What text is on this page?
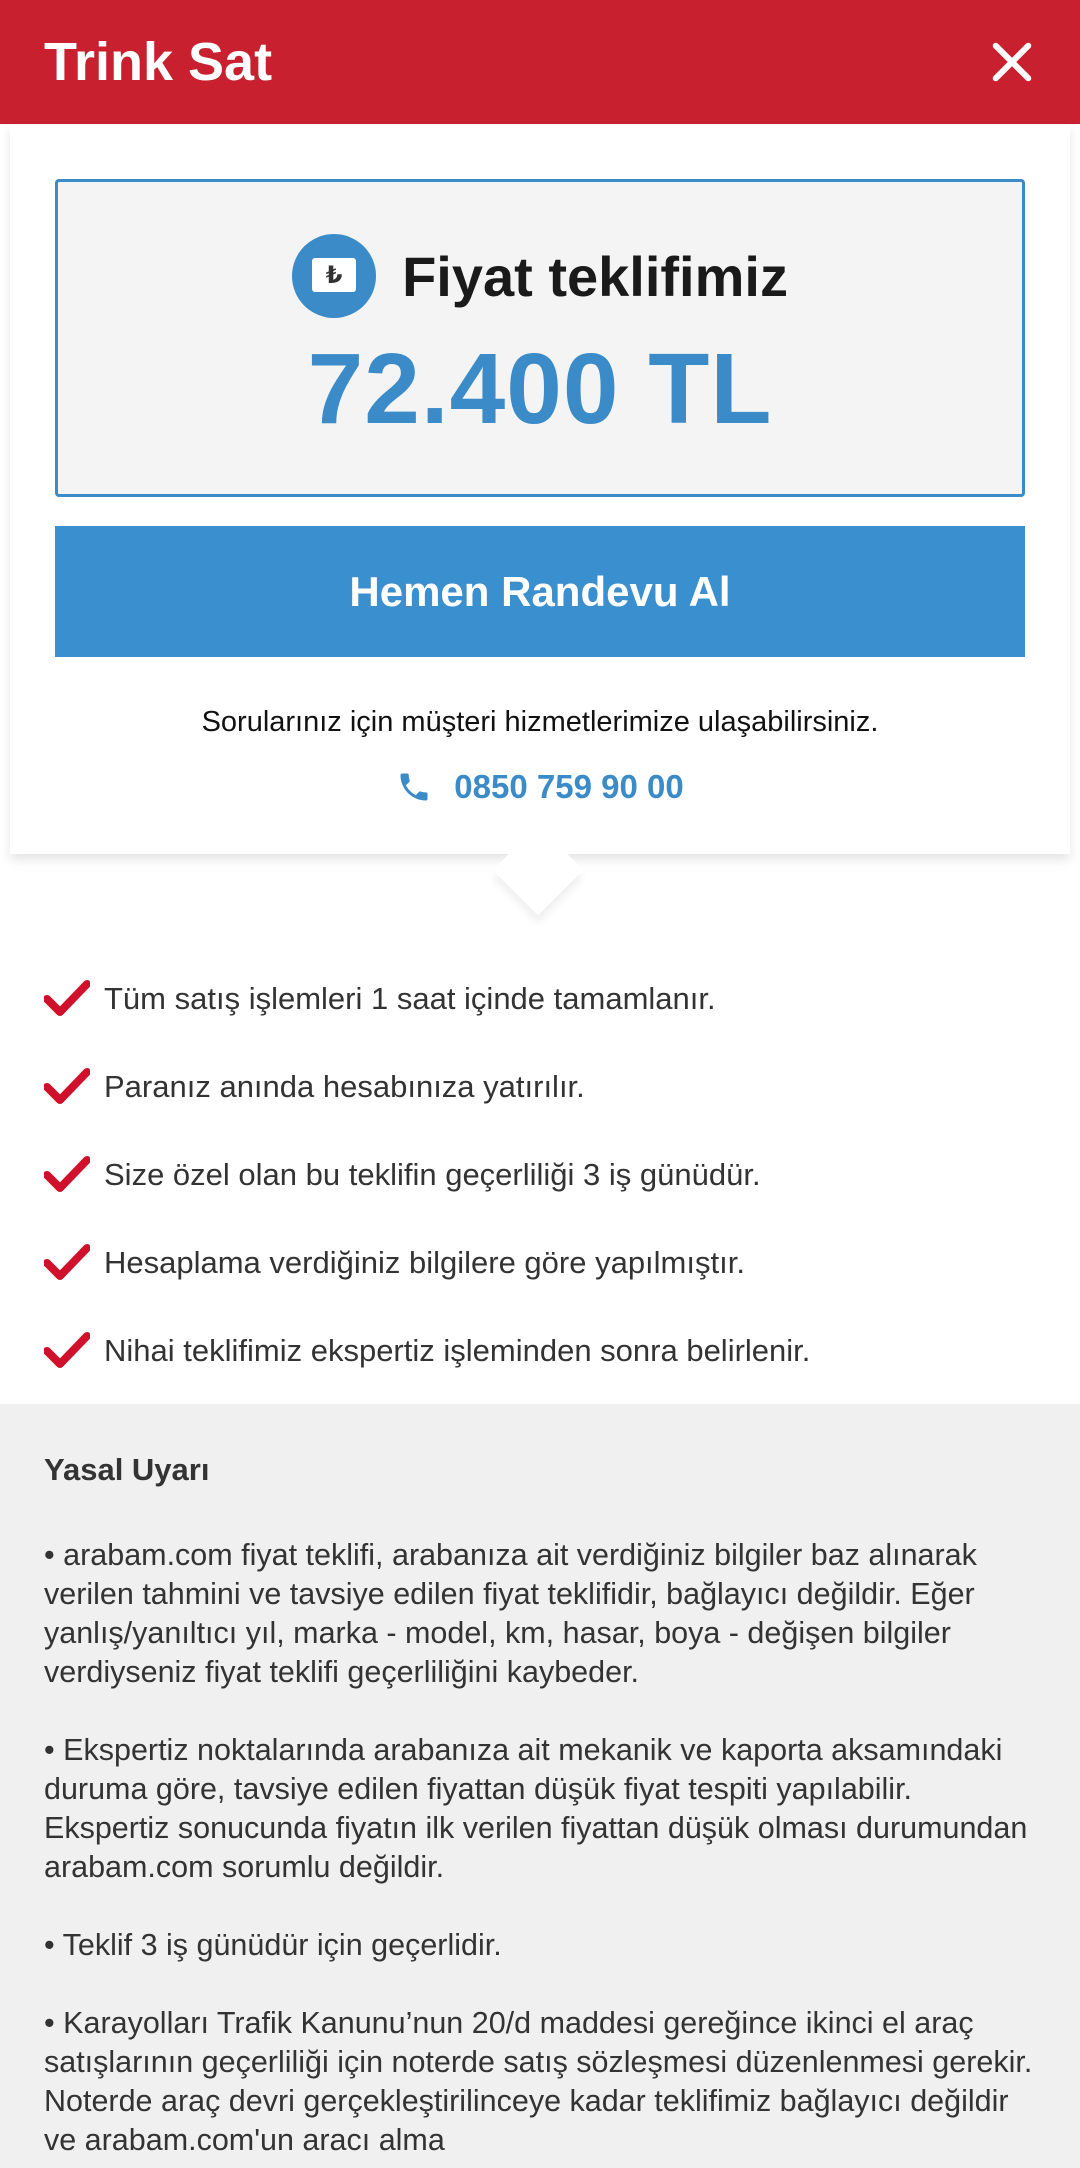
Trink Sat
₺ Fiyat teklifimiz
72.400 TL
Hemen Randevu Al

Sorularınız için müşteri hizmetlerimize ulaşabilirsiniz.

0850 759 90 00
Tüm satış işlemleri 1 saat içinde tamamlanır.
Paranız anında hesabınıza yatırılır.
Size özel olan bu teklifin geçerliliği 3 iş günüdür.
Hesaplama verdiğiniz bilgilere göre yapılmıştır.
Nihai teklifimiz ekspertiz işleminden sonra belirlenir.
Yasal Uyarı

• arabam.com fiyat teklifi, arabanıza ait verdiğiniz bilgiler baz alınarak verilen tahmini ve tavsiye edilen fiyat teklifidir, bağlayıcı değildir. Eğer yanlış/yanıltıcı yıl, marka - model, km, hasar, boya - değişen bilgiler verdiyseniz fiyat teklifi geçerliliğini kaybeder.

• Ekspertiz noktalarında arabanıza ait mekanik ve kaporta aksamındaki duruma göre, tavsiye edilen fiyattan düşük fiyat tespiti yapılabilir. Ekspertiz sonucunda fiyatın ilk verilen fiyattan düşük olması durumundan arabam.com sorumlu değildir.

• Teklif 3 iş günüdür için geçerlidir.

• Karayolları Trafik Kanunu’nun 20/d maddesi gereğince ikinci el araç satışlarının geçerliliği için noterde satış sözleşmesi düzenlenmesi gerekir. Noterde araç devri gerçekleştirilinceye kadar teklifimiz bağlayıcı değildir ve arabam.com'un aracı alma
